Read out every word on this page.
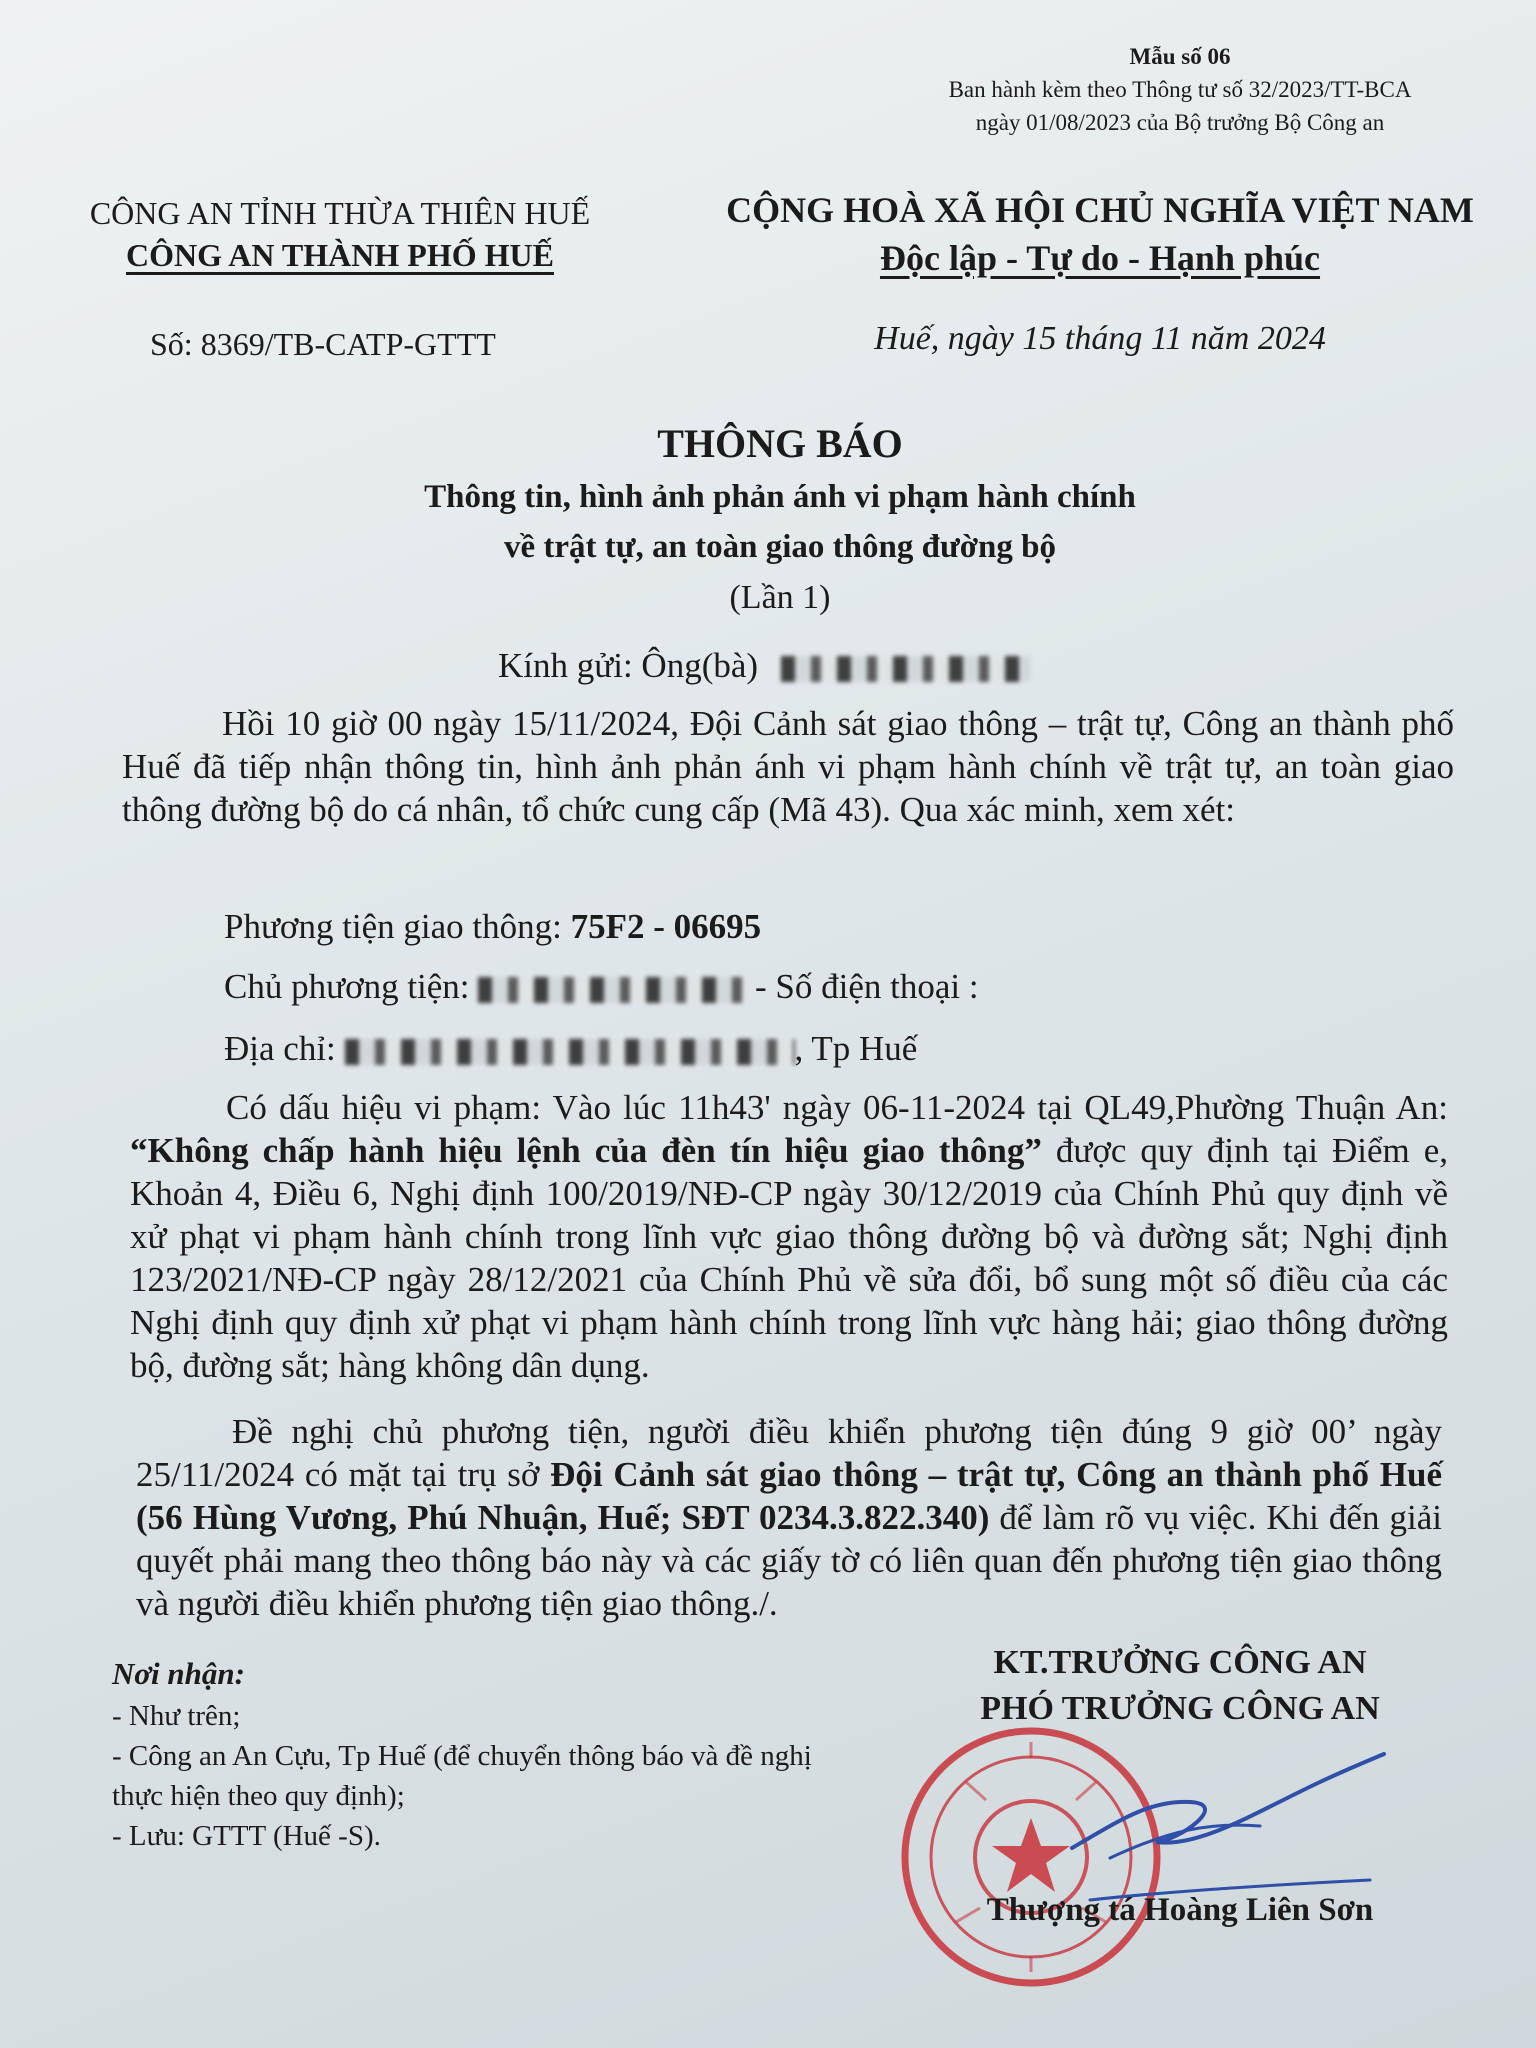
Mẫu số 06
Ban hành kèm theo Thông tư số 32/2023/TT-BCA
ngày 01/08/2023 của Bộ trưởng Bộ Công an
CÔNG AN TỈNH THỪA THIÊN HUẾ
CÔNG AN THÀNH PHỐ HUẾ
Số: 8369/TB-CATP-GTTT
CỘNG HOÀ XÃ HỘI CHỦ NGHĨA VIỆT NAM
Độc lập - Tự do - Hạnh phúc
Huế, ngày 15 tháng 11 năm 2024
THÔNG BÁO
Thông tin, hình ảnh phản ánh vi phạm hành chính
về trật tự, an toàn giao thông đường bộ
(Lần 1)
Kính gửi: Ông(bà)
Hồi 10 giờ 00 ngày 15/11/2024, Đội Cảnh sát giao thông – trật tự, Công an thành phố Huế đã tiếp nhận thông tin, hình ảnh phản ánh vi phạm hành chính về trật tự, an toàn giao thông đường bộ do cá nhân, tổ chức cung cấp (Mã 43). Qua xác minh, xem xét:
Phương tiện giao thông: 75F2 - 06695
Chủ phương tiện:	- Số điện thoại :
Địa chỉ:	, Tp Huế
Có dấu hiệu vi phạm: Vào lúc 11h43' ngày 06-11-2024 tại QL49,Phường Thuận An: “Không chấp hành hiệu lệnh của đèn tín hiệu giao thông” được quy định tại Điểm e, Khoản 4, Điều 6, Nghị định 100/2019/NĐ-CP ngày 30/12/2019 của Chính Phủ quy định về xử phạt vi phạm hành chính trong lĩnh vực giao thông đường bộ và đường sắt; Nghị định 123/2021/NĐ-CP ngày 28/12/2021 của Chính Phủ về sửa đổi, bổ sung một số điều của các Nghị định quy định xử phạt vi phạm hành chính trong lĩnh vực hàng hải; giao thông đường bộ, đường sắt; hàng không dân dụng.
Đề nghị chủ phương tiện, người điều khiển phương tiện đúng 9 giờ 00’ ngày 25/11/2024 có mặt tại trụ sở Đội Cảnh sát giao thông – trật tự, Công an thành phố Huế (56 Hùng Vương, Phú Nhuận, Huế; SĐT 0234.3.822.340) để làm rõ vụ việc. Khi đến giải quyết phải mang theo thông báo này và các giấy tờ có liên quan đến phương tiện giao thông và người điều khiển phương tiện giao thông./.
Nơi nhận:
- Như trên;
- Công an An Cựu, Tp Huế (để chuyển thông báo và đề nghị thực hiện theo quy định);
- Lưu: GTTT (Huế -S).
KT.TRƯỞNG CÔNG AN
PHÓ TRƯỞNG CÔNG AN
Thượng tá Hoàng Liên Sơn
